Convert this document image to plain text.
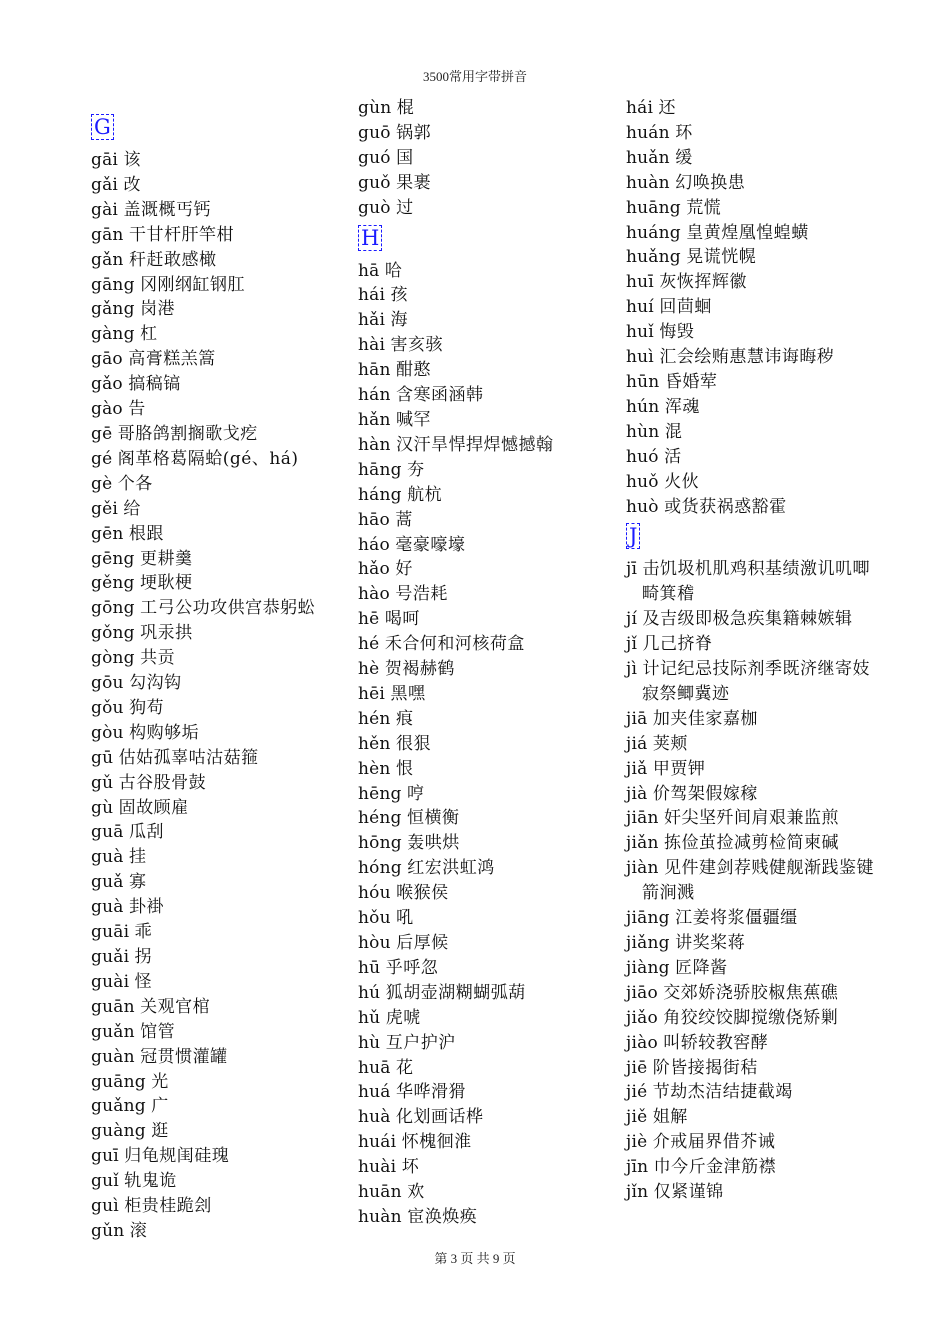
3500常用字带拼音
G
gāi 该
gǎi 改
gài 盖溉概丐钙
gān 干甘杆肝竿柑
gǎn 秆赶敢感橄
gāng 冈刚纲缸钢肛
gǎng 岗港
gàng 杠
gāo 高膏糕羔篙
gǎo 搞稿镐
gào 告
gē 哥胳鸽割搁歌戈疙
gé 阁革格葛隔蛤(gé、há)
gè 个各
gěi 给
gēn 根跟
gēng 更耕羹
gěng 埂耿梗
gōng 工弓公功攻供宫恭躬蚣
gǒng 巩汞拱
gòng 共贡
gōu 勾沟钩
gǒu 狗苟
gòu 构购够垢
gū 估姑孤辜咕沽菇箍
gǔ 古谷股骨鼓
gù 固故顾雇
guā 瓜刮
guà 挂
guǎ 寡
guà 卦褂
guāi 乖
guǎi 拐
guài 怪
guān 关观官棺
guǎn 馆管
guàn 冠贯惯灌罐
guāng 光
guǎng 广
guàng 逛
guī 归龟规闺硅瑰
guǐ 轨鬼诡
guì 柜贵桂跪刽
gǔn 滚
gùn 棍
guō 锅郭
guó 国
guǒ 果裹
guò 过
H
hā 哈
hái 孩
hǎi 海
hài 害亥骇
hān 酣憨
hán 含寒函涵韩
hǎn 喊罕
hàn 汉汗旱悍捍焊憾撼翰
hāng 夯
háng 航杭
hāo 蒿
háo 毫豪嚎壕
hǎo 好
hào 号浩耗
hē 喝呵
hé 禾合何和河核荷盒
hè 贺褐赫鹤
hēi 黑嘿
hén 痕
hěn 很狠
hèn 恨
hēng 哼
héng 恒横衡
hōng 轰哄烘
hóng 红宏洪虹鸿
hóu 喉猴侯
hǒu 吼
hòu 后厚候
hū 乎呼忽
hú 狐胡壶湖糊蝴弧葫
hǔ 虎唬
hù 互户护沪
huā 花
huá 华哗滑猾
huà 化划画话桦
huái 怀槐徊淮
huài 坏
huān 欢
huàn 宦涣焕痪
hái 还
huán 环
huǎn 缓
huàn 幻唤换患
huāng 荒慌
huáng 皇黄煌凰惶蝗蟥
huǎng 晃谎恍幌
huī 灰恢挥辉徽
huí 回茴蛔
huǐ 悔毁
huì 汇会绘贿惠慧讳诲晦秽
hūn 昏婚荤
hún 浑魂
hùn 混
huó 活
huǒ 火伙
huò 或货获祸惑豁霍
J
jī 击饥圾机肌鸡积基绩激讥叽唧畸箕稽
jí 及吉级即极急疾集籍棘嫉辑
jǐ 几己挤脊
jì 计记纪忌技际剂季既济继寄妓寂祭鲫冀迹
jiā 加夹佳家嘉枷
jiá 荚颊
jiǎ 甲贾钾
jià 价驾架假嫁稼
jiān 奸尖坚歼间肩艰兼监煎
jiǎn 拣俭茧捡减剪检简柬碱
jiàn 见件建剑荐贱健舰渐践鉴键箭涧溅
jiāng 江姜将浆僵疆缰
jiǎng 讲奖桨蒋
jiàng 匠降酱
jiāo 交郊娇浇骄胶椒焦蕉礁
jiǎo 角狡绞饺脚搅缴侥矫剿
jiào 叫轿较教窖酵
jiē 阶皆接揭街秸
jié 节劫杰洁结捷截竭
jiě 姐解
jiè 介戒届界借芥诫
jīn 巾今斤金津筋襟
jǐn 仅紧谨锦
第 3 页 共 9 页
